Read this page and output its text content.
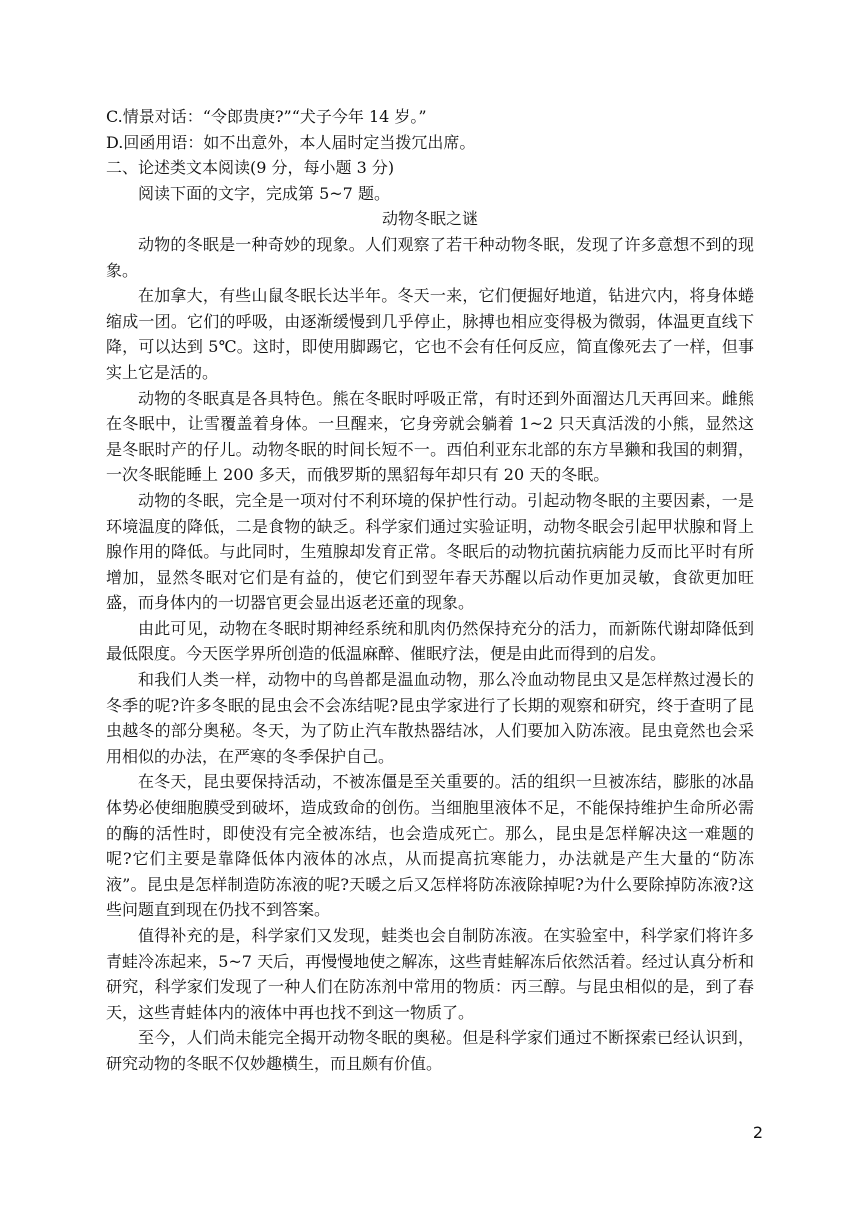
C.情景对话：“令郎贵庚?”“犬子今年 14 岁。”

D.回函用语：如不出意外，本人届时定当拨冗出席。

二、论述类文本阅读(9 分，每小题 3 分)

阅读下面的文字，完成第 5~7 题。

动物冬眠之谜

动物的冬眠是一种奇妙的现象。人们观察了若干种动物冬眠，发现了许多意想不到的现象。

在加拿大，有些山鼠冬眠长达半年。冬天一来，它们便掘好地道，钻进穴内，将身体蜷缩成一团。它们的呼吸，由逐渐缓慢到几乎停止，脉搏也相应变得极为微弱，体温更直线下降，可以达到 5℃。这时，即使用脚踢它，它也不会有任何反应，简直像死去了一样，但事实上它是活的。

动物的冬眠真是各具特色。熊在冬眠时呼吸正常，有时还到外面溜达几天再回来。雌熊在冬眠中，让雪覆盖着身体。一旦醒来，它身旁就会躺着 1~2 只天真活泼的小熊，显然这是冬眠时产的仔儿。动物冬眠的时间长短不一。西伯利亚东北部的东方旱獭和我国的刺猬，一次冬眠能睡上 200 多天，而俄罗斯的黑貂每年却只有 20 天的冬眠。

动物的冬眠，完全是一项对付不利环境的保护性行动。引起动物冬眠的主要因素，一是环境温度的降低，二是食物的缺乏。科学家们通过实验证明，动物冬眠会引起甲状腺和肾上腺作用的降低。与此同时，生殖腺却发育正常。冬眠后的动物抗菌抗病能力反而比平时有所增加，显然冬眠对它们是有益的，使它们到翌年春天苏醒以后动作更加灵敏，食欲更加旺盛，而身体内的一切器官更会显出返老还童的现象。

由此可见，动物在冬眠时期神经系统和肌肉仍然保持充分的活力，而新陈代谢却降低到最低限度。今天医学界所创造的低温麻醉、催眠疗法，便是由此而得到的启发。

和我们人类一样，动物中的鸟兽都是温血动物，那么冷血动物昆虫又是怎样熬过漫长的冬季的呢?许多冬眠的昆虫会不会冻结呢?昆虫学家进行了长期的观察和研究，终于查明了昆虫越冬的部分奥秘。冬天，为了防止汽车散热器结冰，人们要加入防冻液。昆虫竟然也会采用相似的办法，在严寒的冬季保护自己。

在冬天，昆虫要保持活动，不被冻僵是至关重要的。活的组织一旦被冻结，膨胀的冰晶体势必使细胞膜受到破坏，造成致命的创伤。当细胞里液体不足，不能保持维护生命所必需的酶的活性时，即使没有完全被冻结，也会造成死亡。那么，昆虫是怎样解决这一难题的呢?它们主要是靠降低体内液体的冰点，从而提高抗寒能力，办法就是产生大量的“防冻液”。昆虫是怎样制造防冻液的呢?天暖之后又怎样将防冻液除掉呢?为什么要除掉防冻液?这些问题直到现在仍找不到答案。

值得补充的是，科学家们又发现，蛙类也会自制防冻液。在实验室中，科学家们将许多青蛙冷冻起来，5~7 天后，再慢慢地使之解冻，这些青蛙解冻后依然活着。经过认真分析和研究，科学家们发现了一种人们在防冻剂中常用的物质：丙三醇。与昆虫相似的是，到了春天，这些青蛙体内的液体中再也找不到这一物质了。

至今，人们尚未能完全揭开动物冬眠的奥秘。但是科学家们通过不断探索已经认识到，研究动物的冬眠不仅妙趣横生，而且颇有价值。

2
